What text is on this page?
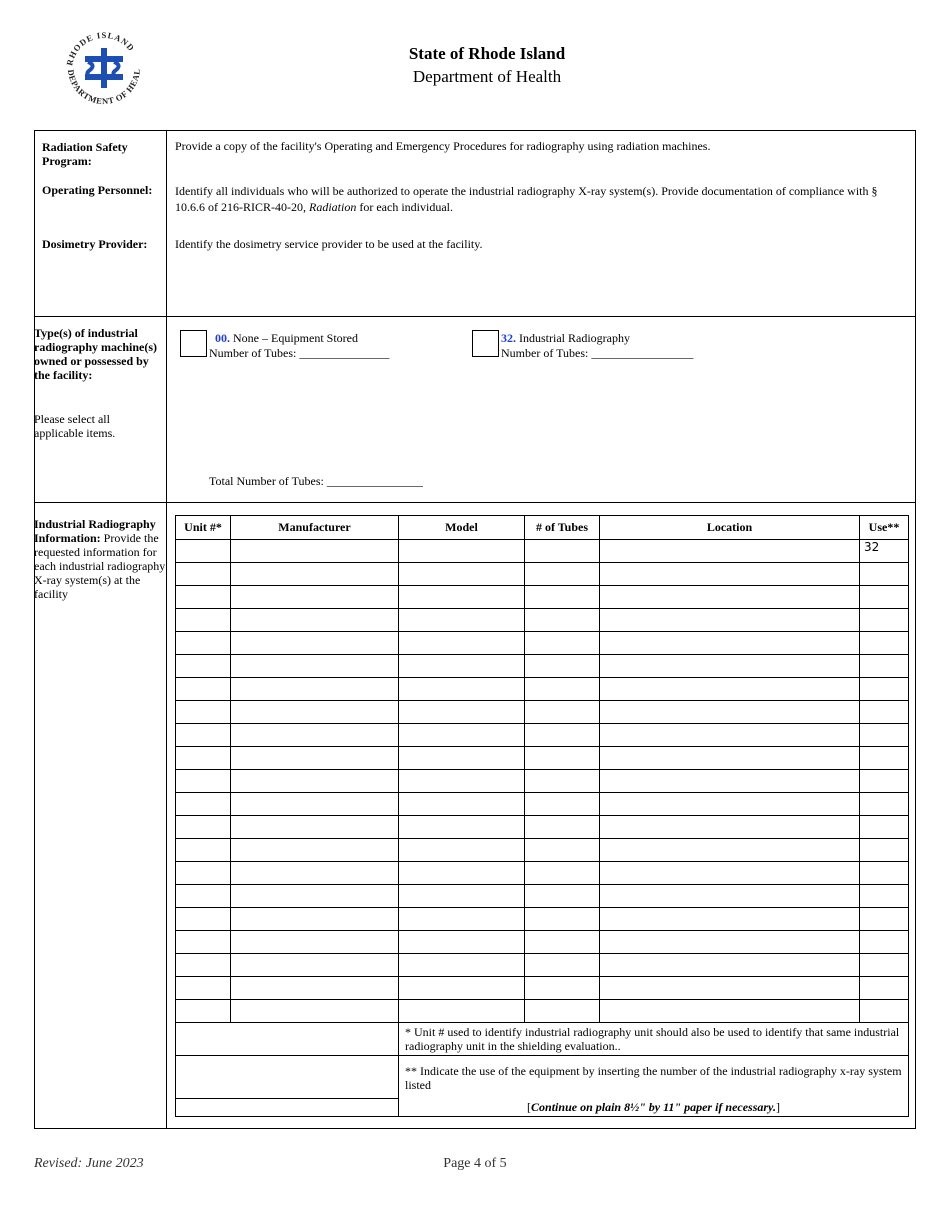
RHODE ISLAND
DEPARTMENT OF HEAL
State of Rhode Island
Department of Health
Radiation Safety Program:
Provide a copy of the facility's Operating and Emergency Procedures for radiography using radiation machines.
Operating Personnel:	Identify all individuals who will be authorized to operate the industrial radiography X-ray system(s). Provide documentation of compliance with § 10.6.6 of 216-RICR-40-20, Radiation for each individual.
Dosimetry Provider:	Identify the dosimetry service provider to be used at the facility.
Type(s) of industrial radiography machine(s) owned or possessed by the facility:
Please select all applicable items.
00. None – Equipment Stored
Number of Tubes: _______________
32. Industrial Radiography
Number of Tubes: _________________
Total Number of Tubes: ________________
Industrial Radiography Information: Provide the requested information for each industrial radiography X-ray system(s) at the facility
Unit #*	Manufacturer	Model	# of Tubes	Location	Use**
					32

		* Unit # used to identify industrial radiography unit should also be used to identify that same industrial radiography unit in the shielding evaluation..			

		** Indicate the use of the equipment by inserting the number of the industrial radiography x-ray system listed
[Continue on plain 8½" by 11" paper if necessary.]			
Revised: June 2023	Page 4 of 5
